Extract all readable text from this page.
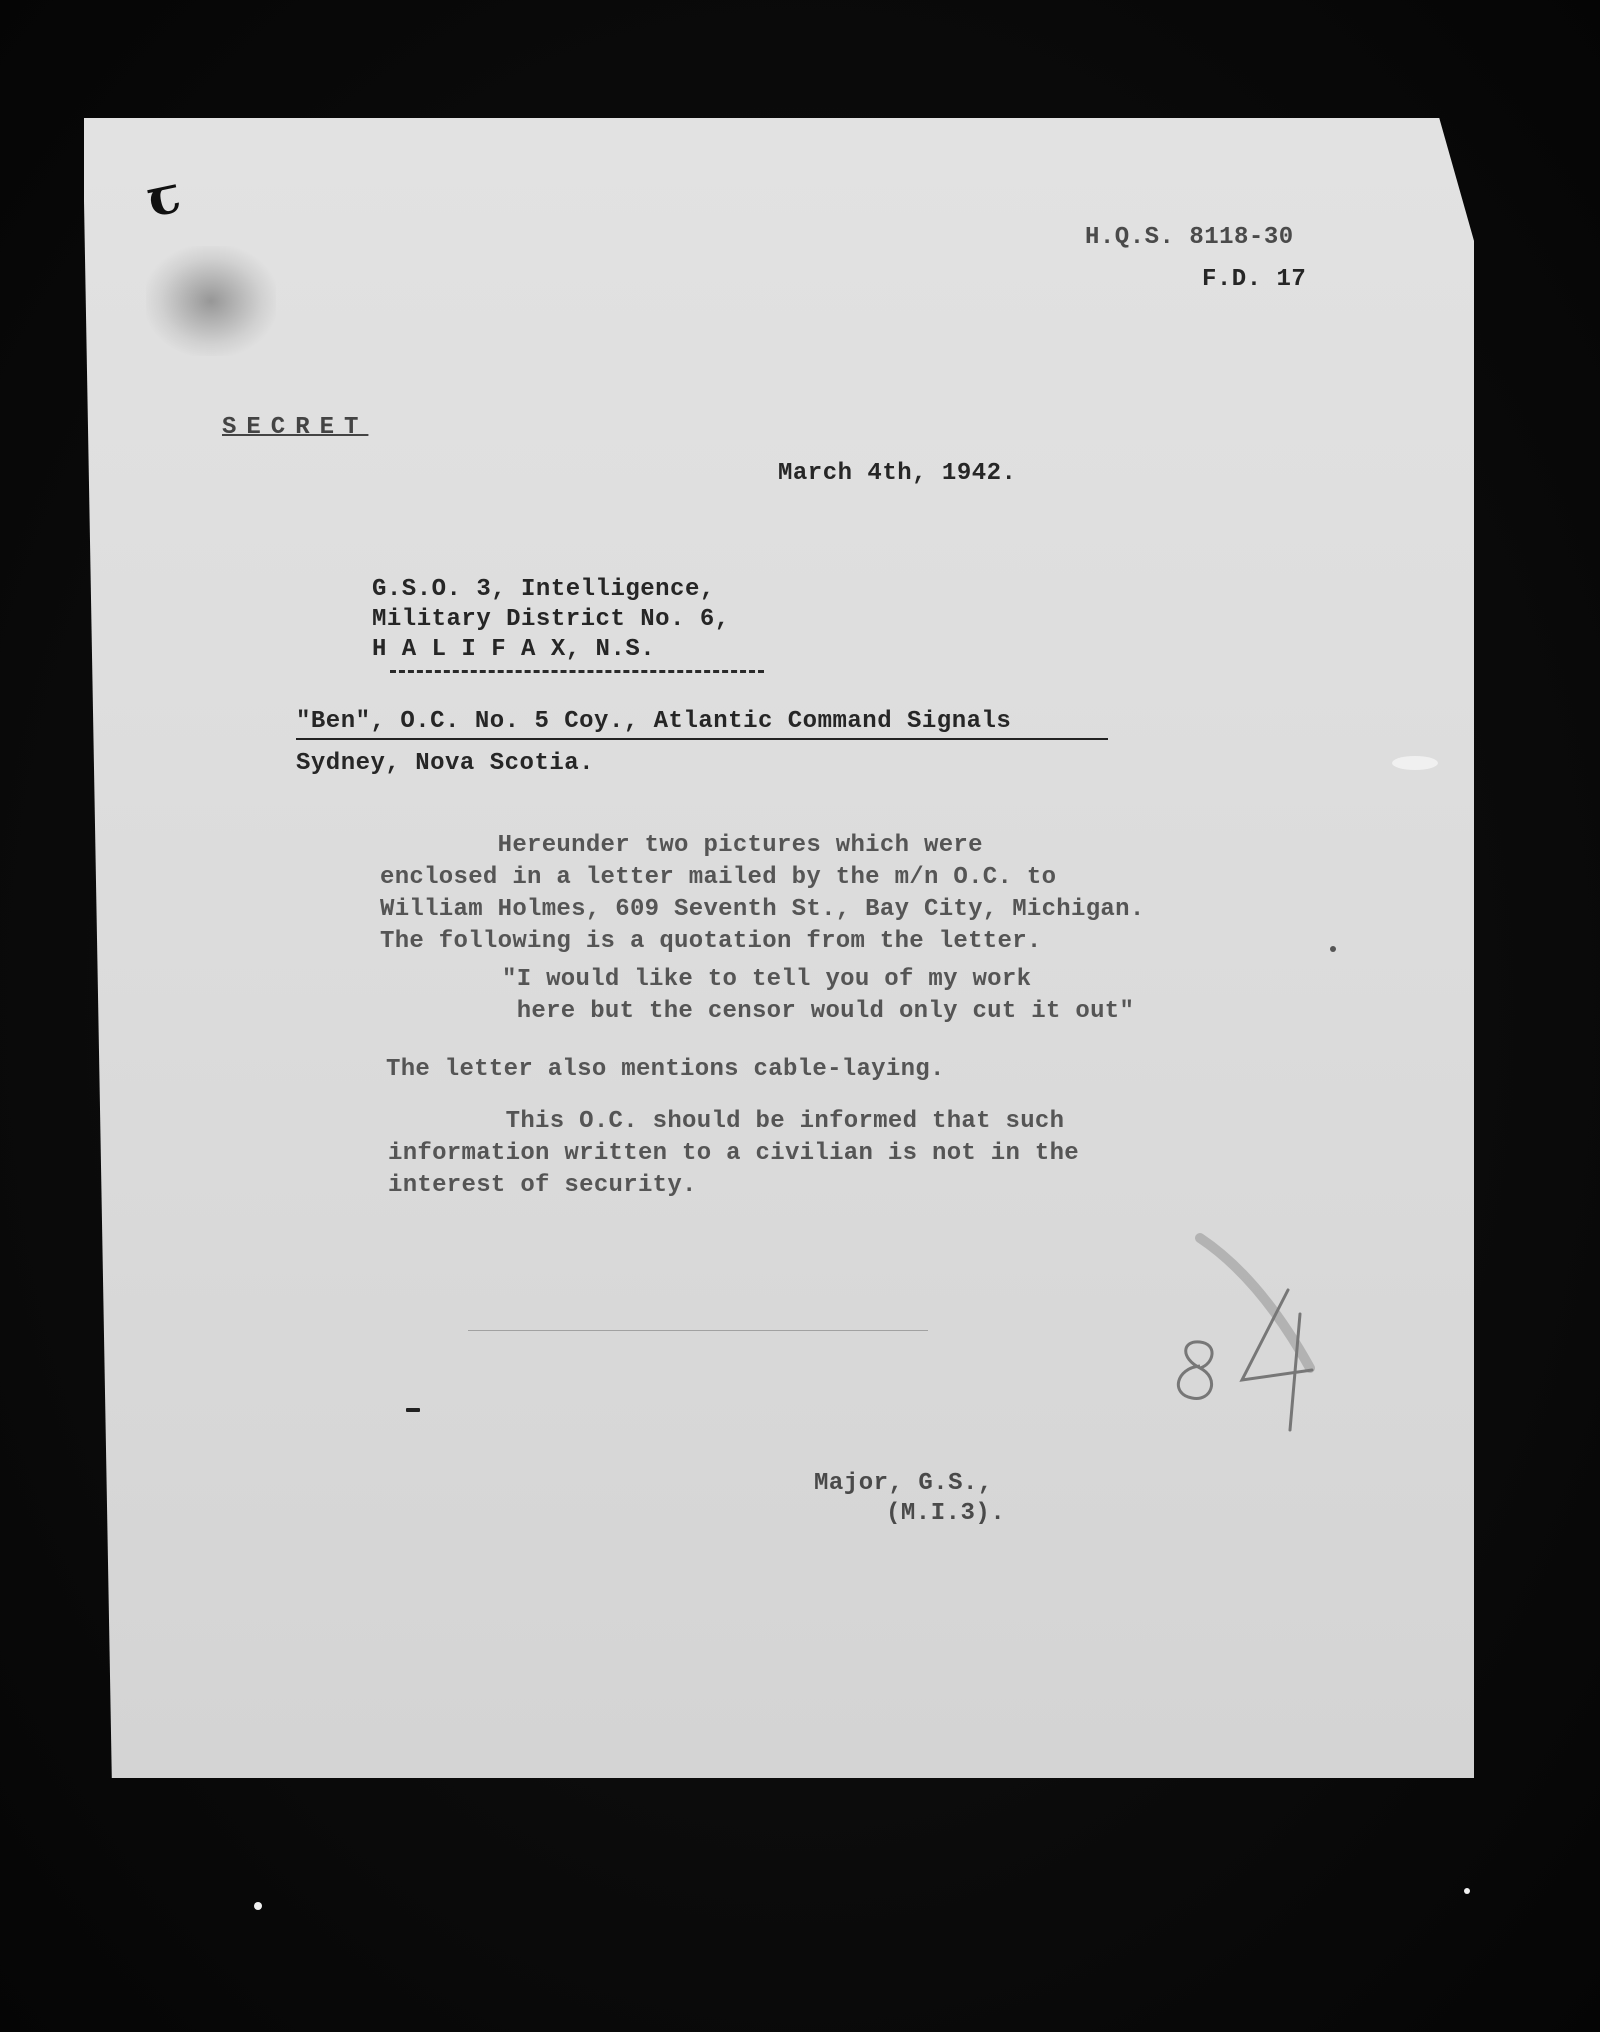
ꞇ
H.Q.S. 8118-30
F.D. 17
SECRET
March 4th, 1942.
G.S.O. 3, Intelligence,
Military District No. 6,
H A L I F A X, N.S.
"Ben", O.C. No. 5 Coy., Atlantic Command Signals
Sydney, Nova Scotia.
Hereunder two pictures which were
enclosed in a letter mailed by the m/n O.C. to
William Holmes, 609 Seventh St., Bay City, Michigan.
The following is a quotation from the letter.
"I would like to tell you of my work
here but the censor would only cut it out"
The letter also mentions cable-laying.
This O.C. should be informed that such
information written to a civilian is not in the
interest of security.
Major, G.S.,
(M.I.3).
